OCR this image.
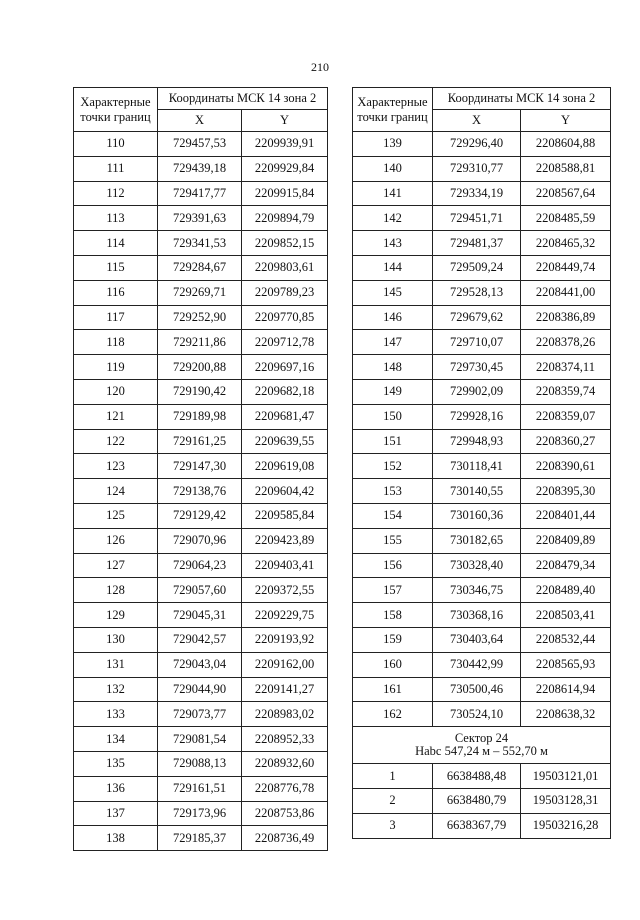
210
Характерные
точки границ	Координаты МСК 14 зона 2	
	X	Y
110	729457,53	2209939,91
111	729439,18	2209929,84
112	729417,77	2209915,84
113	729391,63	2209894,79
114	729341,53	2209852,15
115	729284,67	2209803,61
116	729269,71	2209789,23
117	729252,90	2209770,85
118	729211,86	2209712,78
119	729200,88	2209697,16
120	729190,42	2209682,18
121	729189,98	2209681,47
122	729161,25	2209639,55
123	729147,30	2209619,08
124	729138,76	2209604,42
125	729129,42	2209585,84
126	729070,96	2209423,89
127	729064,23	2209403,41
128	729057,60	2209372,55
129	729045,31	2209229,75
130	729042,57	2209193,92
131	729043,04	2209162,00
132	729044,90	2209141,27
133	729073,77	2208983,02
134	729081,54	2208952,33
135	729088,13	2208932,60
136	729161,51	2208776,78
137	729173,96	2208753,86
138	729185,37	2208736,49
Характерные
точки границ	Координаты МСК 14 зона 2	
	X	Y
139	729296,40	2208604,88
140	729310,77	2208588,81
141	729334,19	2208567,64
142	729451,71	2208485,59
143	729481,37	2208465,32
144	729509,24	2208449,74
145	729528,13	2208441,00
146	729679,62	2208386,89
147	729710,07	2208378,26
148	729730,45	2208374,11
149	729902,09	2208359,74
150	729928,16	2208359,07
151	729948,93	2208360,27
152	730118,41	2208390,61
153	730140,55	2208395,30
154	730160,36	2208401,44
155	730182,65	2208409,89
156	730328,40	2208479,34
157	730346,75	2208489,40
158	730368,16	2208503,41
159	730403,64	2208532,44
160	730442,99	2208565,93
161	730500,46	2208614,94
162	730524,10	2208638,32

Сектор 24
Нabc 547,24 м – 552,70 м		

1	6638488,48	19503121,01
2	6638480,79	19503128,31
3	6638367,79	19503216,28
